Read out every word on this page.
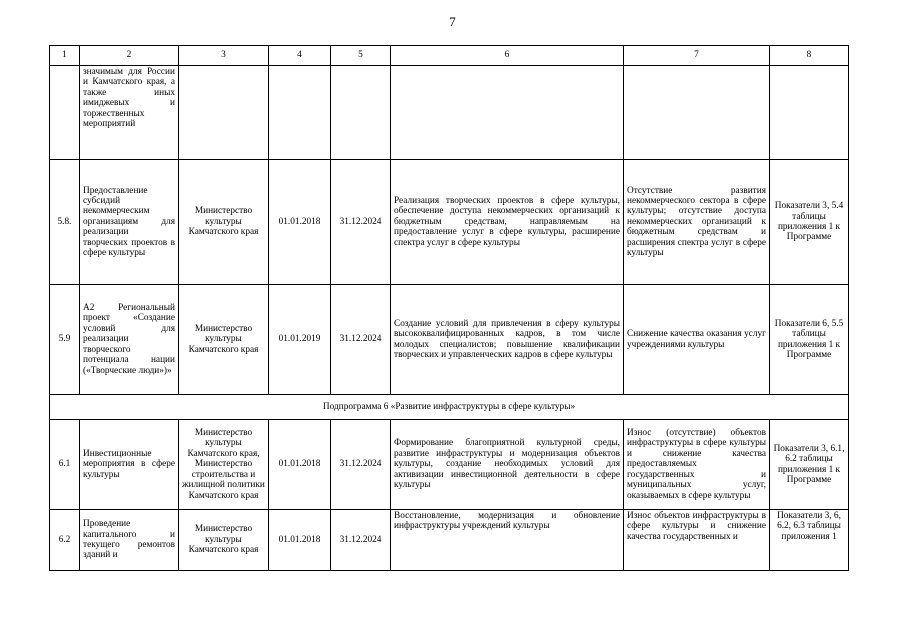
7
1	2	3	4	5	6	7	8
	значимым для России и Камчатского края, а также иных имиджевых и торжественных мероприятий						
5.8.	Предоставление субсидий некоммерческим организациям для реализации творческих проектов в сфере культуры	Министерство культуры Камчатского края	01.01.2018	31.12.2024	Реализация творческих проектов в сфере культуры, обеспечение доступа некоммерческих организаций к бюджетным средствам, направляемым на предоставление услуг в сфере культуры, расширение спектра услуг в сфере культуры	Отсутствие развития некоммерческого сектора в сфере культуры; отсутствие доступа некоммерческих организаций к бюджетным средствам и расширения спектра услуг в сфере культуры	Показатели 3, 5.4 таблицы приложения 1 к Программе
5.9	А2 Региональный проект «Создание условий для реализации творческого потенциала нации («Творческие люди»)»	Министерство культуры Камчатского края	01.01.2019	31.12.2024	Создание условий для привлечения в сферу культуры высококвалифицированных кадров, в том числе молодых специалистов; повышение квалификации творческих и управленческих кадров в сфере культуры	Снижение качества оказания услуг учреждениями культуры	Показатели 6, 5.5 таблицы приложения 1 к Программе
Подпрограмма 6 «Развитие инфраструктуры в сфере культуры»							
6.1	Инвестиционные мероприятия в сфере культуры	Министерство культуры Камчатского края, Министерство строительства и жилищной политики Камчатского края	01.01.2018	31.12.2024	Формирование благоприятной культурной среды, развитие инфраструктуры и модернизация объектов культуры, создание необходимых условий для активизации инвестиционной деятельности в сфере культуры	Износ (отсутствие) объектов инфраструктуры в сфере культуры и снижение качества предоставляемых государственных и муниципальных услуг, оказываемых в сфере культуры	Показатели 3, 6.1, 6.2 таблицы приложения 1 к Программе
6.2	Проведение капитального и текущего ремонтов зданий и	Министерство культуры Камчатского края	01.01.2018	31.12.2024	Восстановление, модернизация и обновление инфраструктуры учреждений культуры	Износ объектов инфраструктуры в сфере культуры и снижение качества государственных и	Показатели 3, 6, 6.2, 6.3 таблицы приложения 1
